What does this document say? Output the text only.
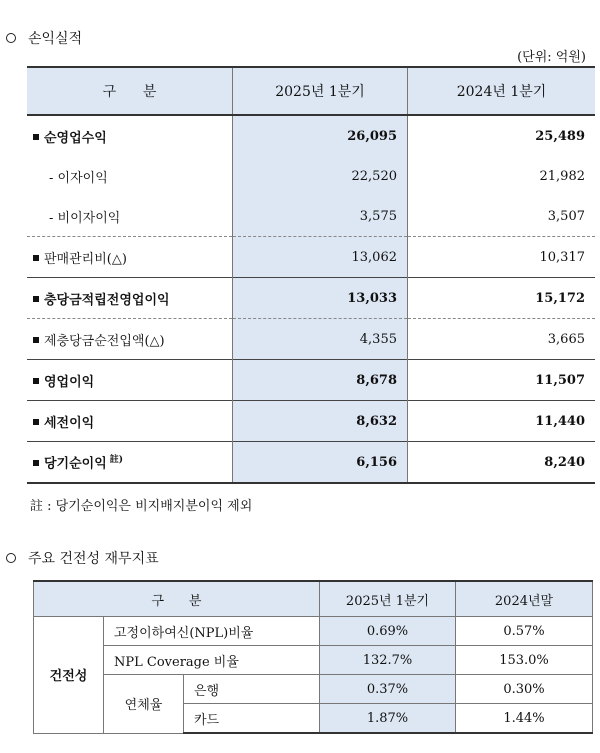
손익실적
(단위: 억원)
구      분	2025년 1분기	2024년 1분기
순영업수익	26,095	25,489
- 이자이익	22,520	21,982
- 비이자이익	3,575	3,507
판매관리비(△)	13,062	10,317
충당금적립전영업이익	13,033	15,172
제충당금순전입액(△)	4,355	3,665
영업이익	8,678	11,507
세전이익	8,632	11,440
당기순이익 $^{註)}$	6,156	8,240
註 : 당기순이익은 비지배지분이익 제외
주요 건전성 재무지표
구      분			2025년 1분기	2024년말
건전성	고정이하여신(NPL)비율		0.69%	0.57%
	NPL Coverage 비율		132.7%	153.0%
	연체율	은행	0.37%	0.30%
		카드	1.87%	1.44%
